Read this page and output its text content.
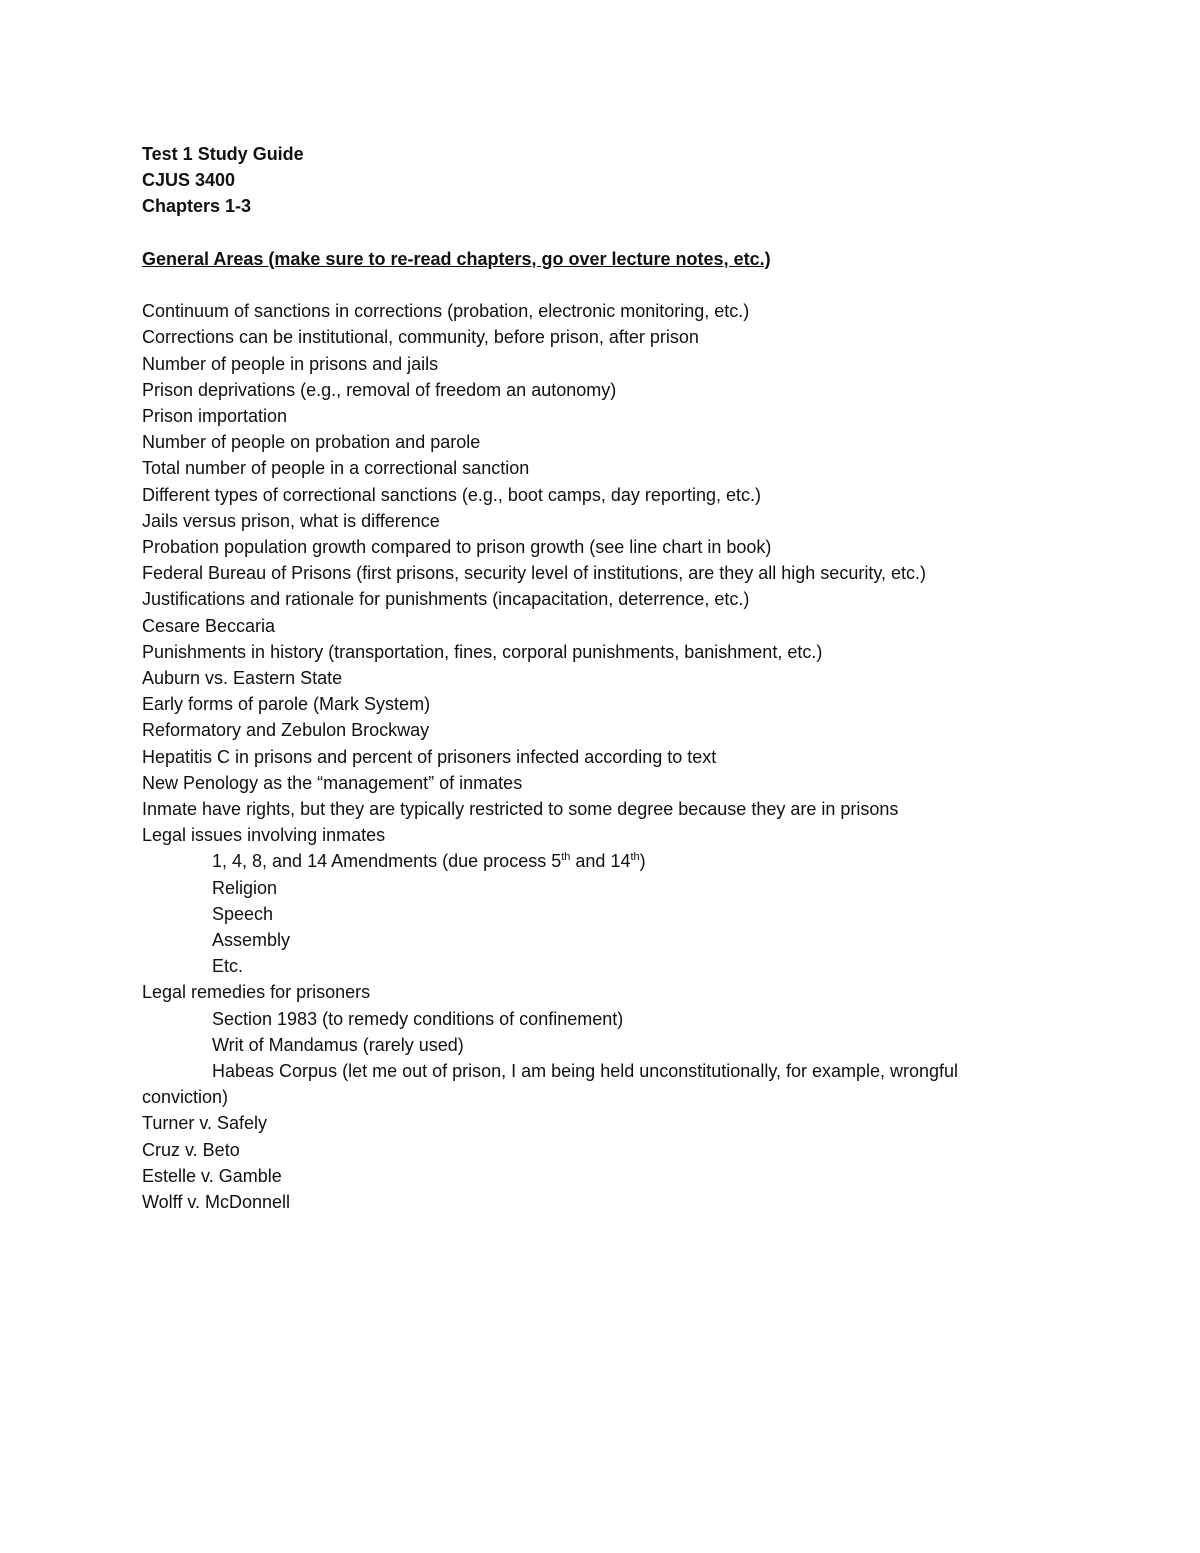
Test 1 Study Guide

CJUS 3400

Chapters 1-3

General Areas (make sure to re-read chapters, go over lecture notes, etc.)

Continuum of sanctions in corrections (probation, electronic monitoring, etc.)

Corrections can be institutional, community, before prison, after prison

Number of people in prisons and jails

Prison deprivations (e.g., removal of freedom an autonomy)

Prison importation

Number of people on probation and parole

Total number of people in a correctional sanction

Different types of correctional sanctions (e.g., boot camps, day reporting, etc.)

Jails versus prison, what is difference

Probation population growth compared to prison growth (see line chart in book)

Federal Bureau of Prisons (first prisons, security level of institutions, are they all high security, etc.)

Justifications and rationale for punishments (incapacitation, deterrence, etc.)

Cesare Beccaria

Punishments in history (transportation, fines, corporal punishments, banishment, etc.)

Auburn vs. Eastern State

Early forms of parole (Mark System)

Reformatory and Zebulon Brockway

Hepatitis C in prisons and percent of prisoners infected according to text

New Penology as the “management” of inmates

Inmate have rights, but they are typically restricted to some degree because they are in prisons

Legal issues involving inmates

1, 4, 8, and 14 Amendments (due process 5th and 14th)

Religion

Speech

Assembly

Etc.

Legal remedies for prisoners

Section 1983 (to remedy conditions of confinement)

Writ of Mandamus (rarely used)

Habeas Corpus (let me out of prison, I am being held unconstitutionally, for example, wrongful

conviction)

Turner v. Safely

Cruz v. Beto

Estelle v. Gamble

Wolff v. McDonnell
